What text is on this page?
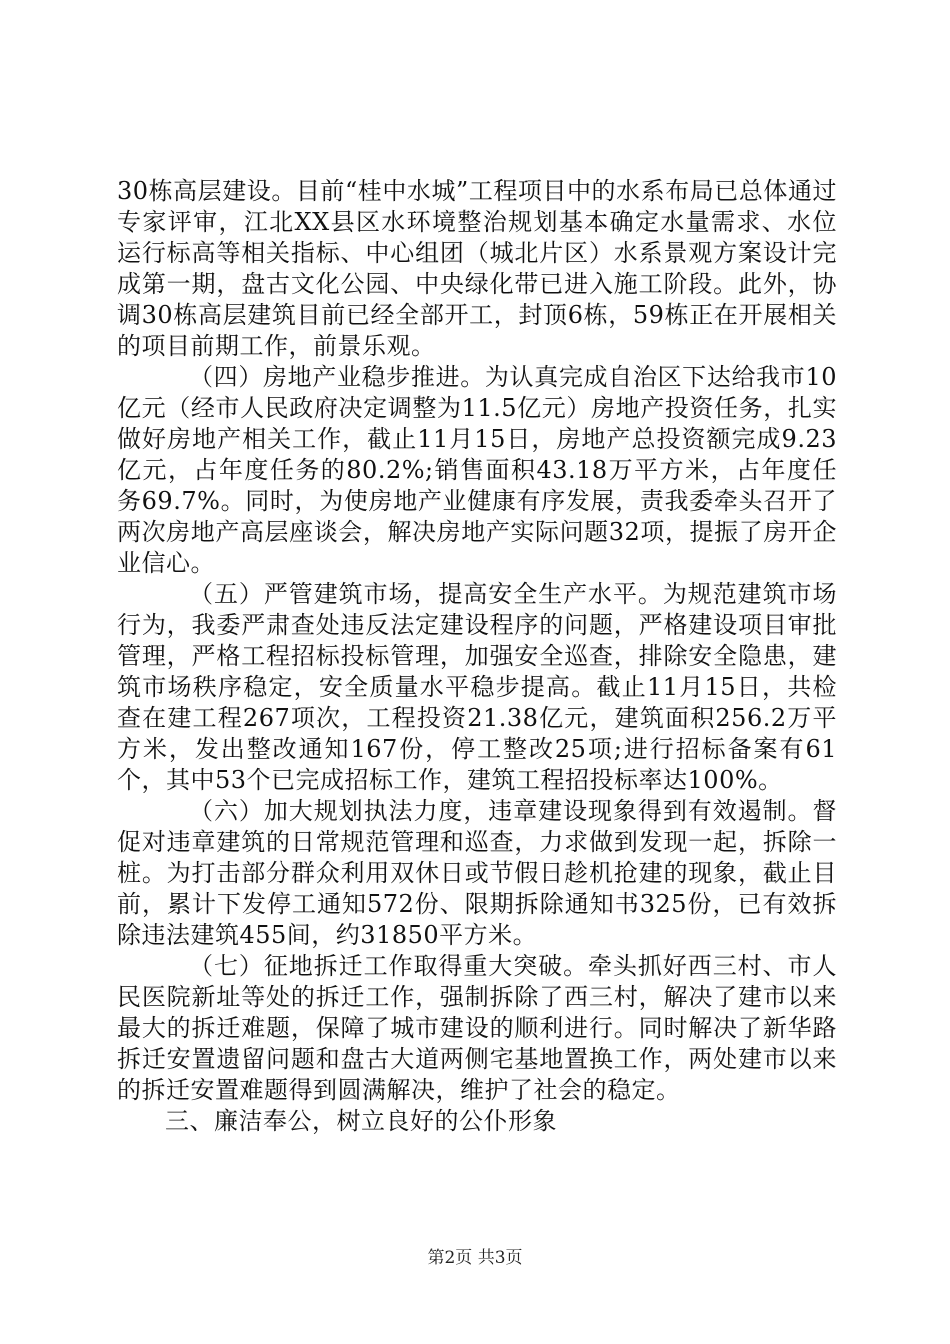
30栋高层建设。目前“桂中水城”工程项目中的水系布局已总体通过专家评审，江北XX县区水环境整治规划基本确定水量需求、水位运行标高等相关指标、中心组团（城北片区）水系景观方案设计完成第一期，盘古文化公园、中央绿化带已进入施工阶段。此外，协调30栋高层建筑目前已经全部开工，封顶6栋，59栋正在开展相关的项目前期工作，前景乐观。

（四）房地产业稳步推进。为认真完成自治区下达给我市10亿元（经市人民政府决定调整为11.5亿元）房地产投资任务，扎实做好房地产相关工作，截止11月15日，房地产总投资额完成9.23亿元，占年度任务的80.2%;销售面积43.18万平方米，占年度任务69.7%。同时，为使房地产业健康有序发展，责我委牵头召开了两次房地产高层座谈会，解决房地产实际问题32项，提振了房开企业信心。

（五）严管建筑市场，提高安全生产水平。为规范建筑市场行为，我委严肃查处违反法定建设程序的问题，严格建设项目审批管理，严格工程招标投标管理，加强安全巡查，排除安全隐患，建筑市场秩序稳定，安全质量水平稳步提高。截止11月15日，共检查在建工程267项次，工程投资21.38亿元，建筑面积256.2万平方米，发出整改通知167份，停工整改25项;进行招标备案有61个，其中53个已完成招标工作，建筑工程招投标率达100%。

（六）加大规划执法力度，违章建设现象得到有效遏制。督促对违章建筑的日常规范管理和巡查，力求做到发现一起，拆除一桩。为打击部分群众利用双休日或节假日趁机抢建的现象，截止目前，累计下发停工通知572份、限期拆除通知书325份，已有效拆除违法建筑455间，约31850平方米。

（七）征地拆迁工作取得重大突破。牵头抓好西三村、市人民医院新址等处的拆迁工作，强制拆除了西三村，解决了建市以来最大的拆迁难题，保障了城市建设的顺利进行。同时解决了新华路拆迁安置遗留问题和盘古大道两侧宅基地置换工作，两处建市以来的拆迁安置难题得到圆满解决，维护了社会的稳定。

三、廉洁奉公，树立良好的公仆形象

第2页 共3页
